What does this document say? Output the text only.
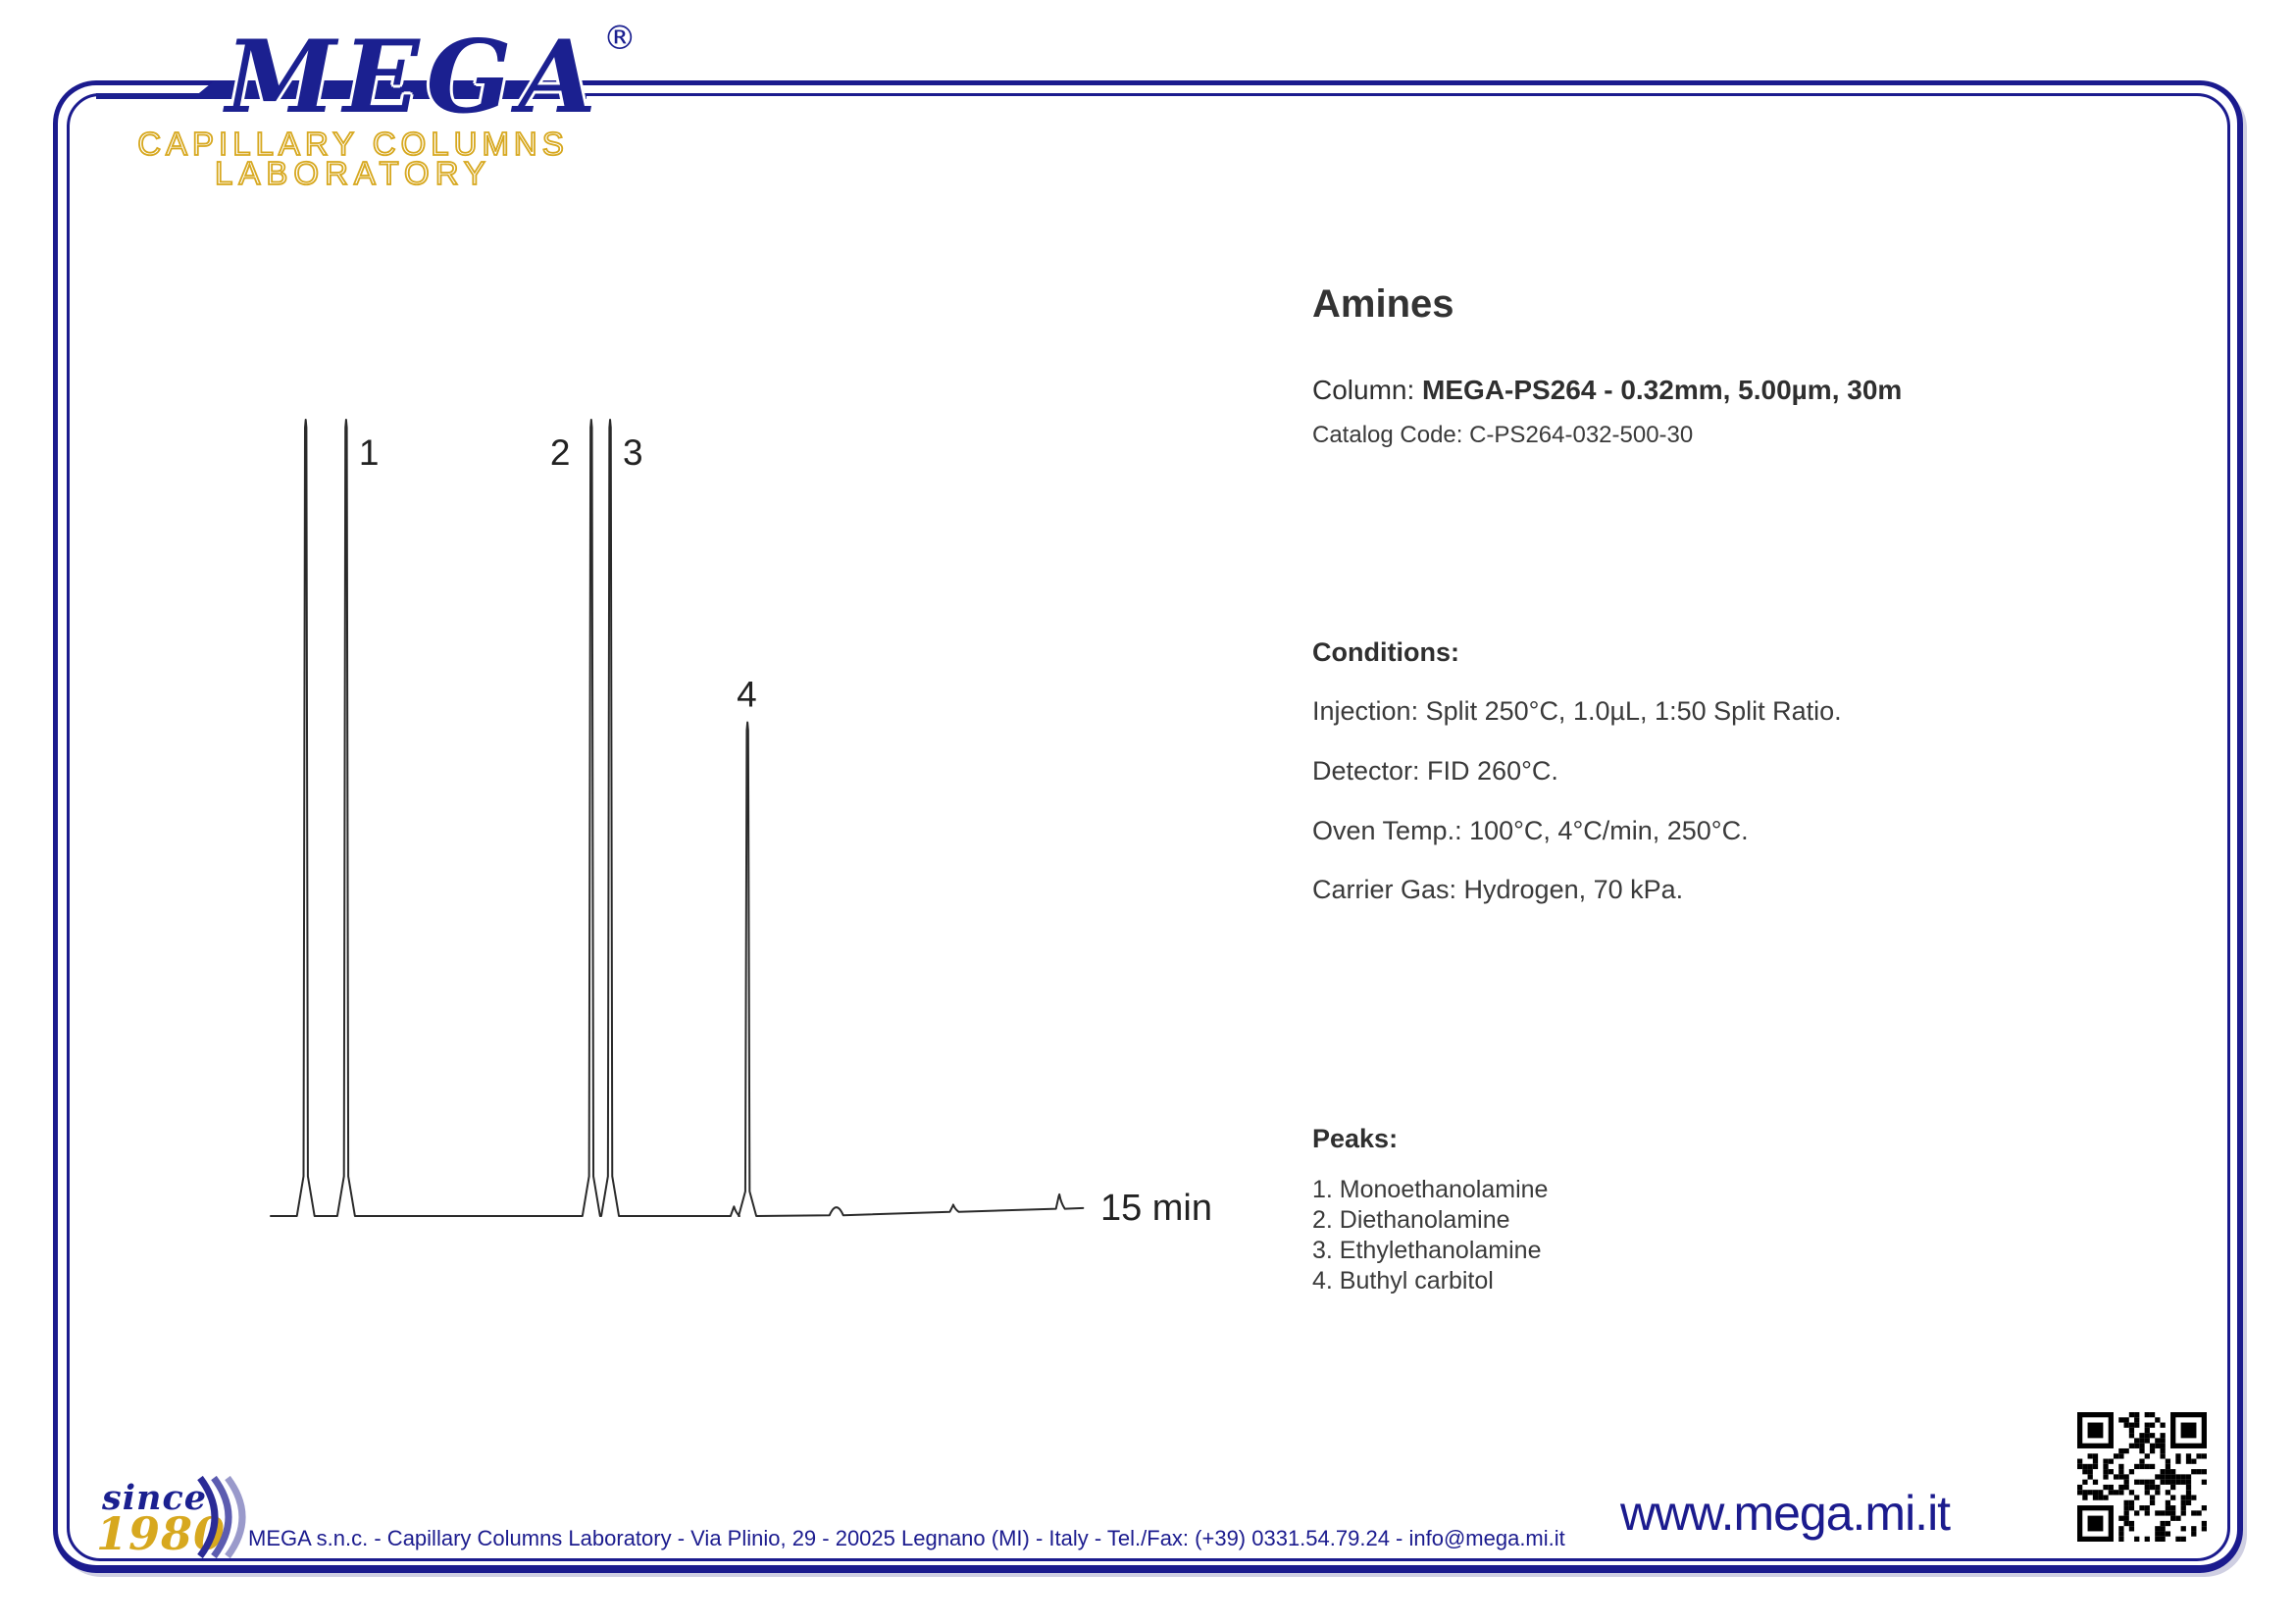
MEGA®
CAPILLARY COLUMNS
LABORATORY
1	2 3
4
15 min
Amines
Column: MEGA-PS264 - 0.32mm, 5.00µm, 30m
Catalog Code: C-PS264-032-500-30
Conditions:
Injection: Split 250°C, 1.0µL, 1:50 Split Ratio.
Detector: FID 260°C.
Oven Temp.: 100°C, 4°C/min, 250°C.
Carrier Gas: Hydrogen, 70 kPa.
Peaks:
1. Monoethanolamine
2. Diethanolamine
3. Ethylethanolamine
4. Buthyl carbitol
since
1980 MEGA s.n.c. - Capillary Columns Laboratory - Via Plinio, 29 - 20025 Legnano (MI) - Italy - Tel./Fax: (+39) 0331.54.79.24 - info@mega.mi.it www.mega.mi.it
